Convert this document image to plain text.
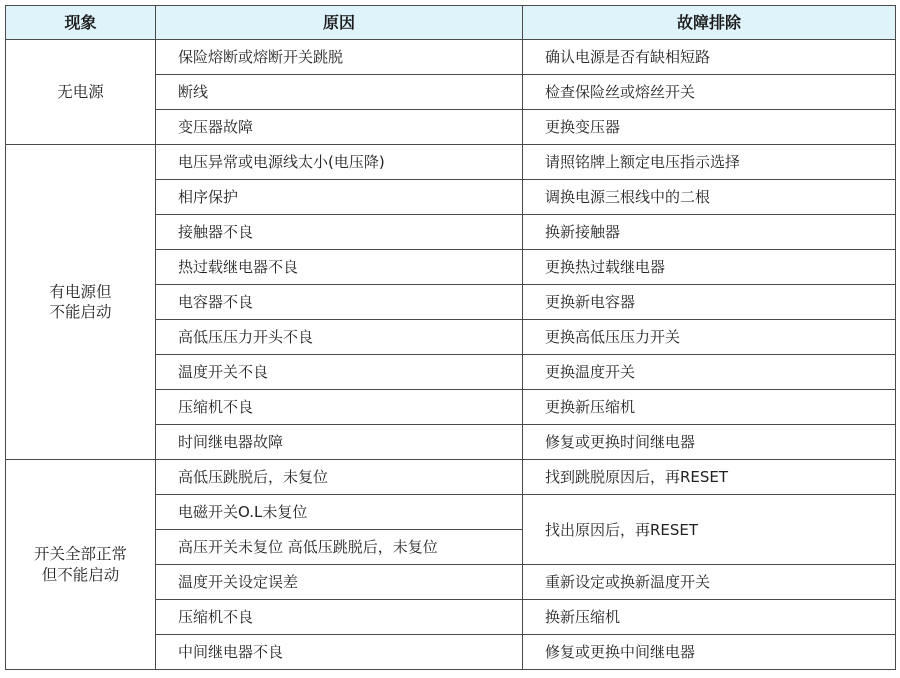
现象	原因	故障排除

无电源	保险熔断或熔断开关跳脱	确认电源是否有缺相短路
	断线	检查保险丝或熔丝开关
	变压器故障	更换变压器

有电源但
不能启动	电压异常或电源线太小(电压降)	请照铭牌上额定电压指示选择
	相序保护	调换电源三根线中的二根
	接触器不良	换新接触器
	热过载继电器不良	更换热过载继电器
	电容器不良	更换新电容器
	高低压压力开头不良	更换高低压压力开关
	温度开关不良	更换温度开关
	压缩机不良	更换新压缩机
	时间继电器故障	修复或更换时间继电器

开关全部正常
但不能启动	高低压跳脱后，未复位	找到跳脱原因后，再RESET
	电磁开关O.L未复位	找出原因后，再RESET
	高压开关未复位 高低压跳脱后，未复位	
	温度开关设定误差	重新设定或换新温度开关
	压缩机不良	换新压缩机
	中间继电器不良	修复或更换中间继电器
